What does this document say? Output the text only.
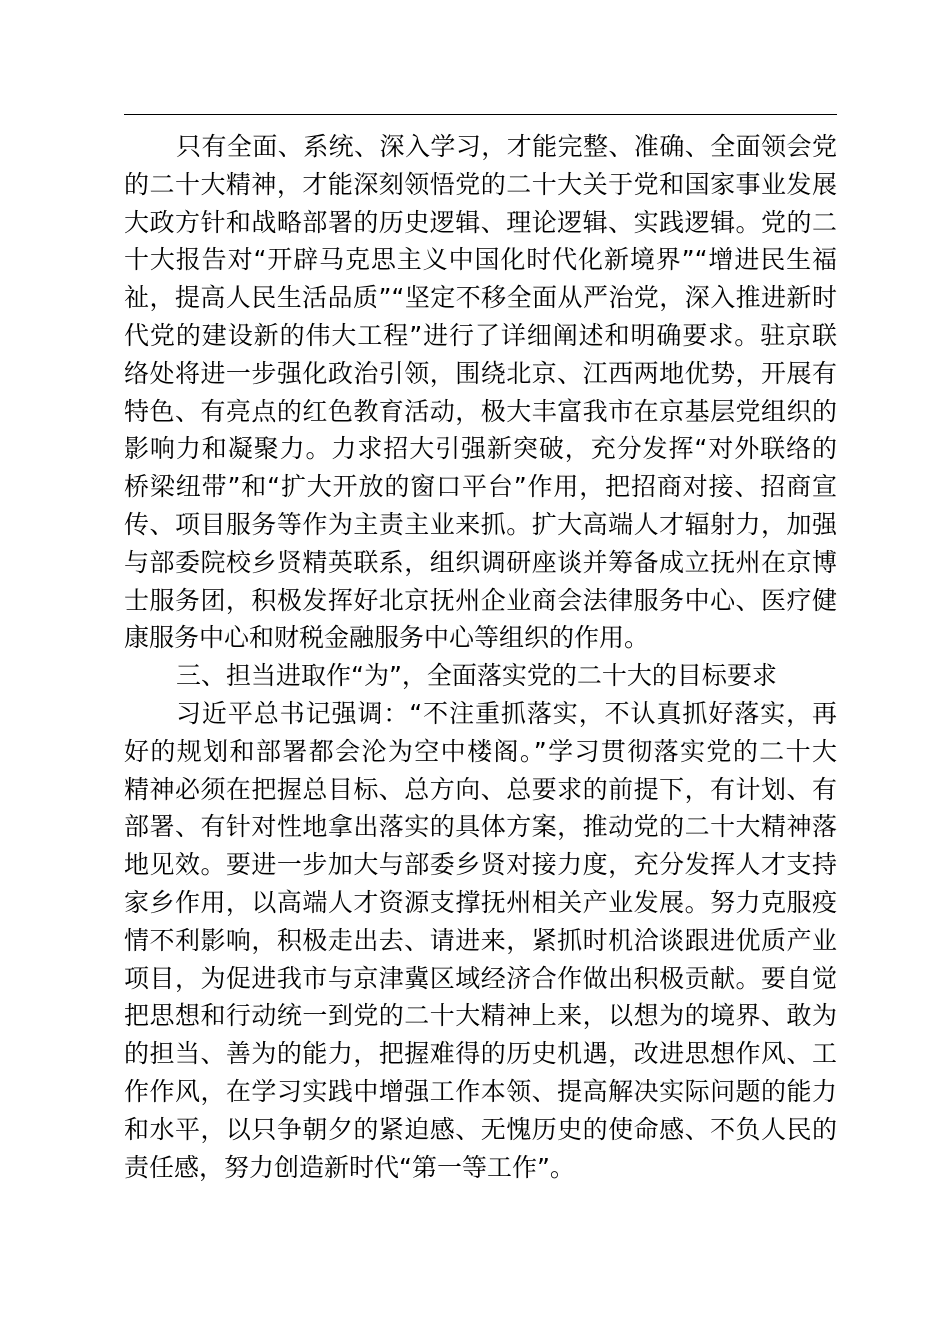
只有全面、系统、深入学习，才能完整、准确、全面领会党
的二十大精神，才能深刻领悟党的二十大关于党和国家事业发展
大政方针和战略部署的历史逻辑、理论逻辑、实践逻辑。党的二
十大报告对“开辟马克思主义中国化时代化新境界”“增进民生福
祉，提高人民生活品质”“坚定不移全面从严治党，深入推进新时
代党的建设新的伟大工程”进行了详细阐述和明确要求。驻京联
络处将进一步强化政治引领，围绕北京、江西两地优势，开展有
特色、有亮点的红色教育活动，极大丰富我市在京基层党组织的
影响力和凝聚力。力求招大引强新突破，充分发挥“对外联络的
桥梁纽带”和“扩大开放的窗口平台”作用，把招商对接、招商宣
传、项目服务等作为主责主业来抓。扩大高端人才辐射力，加强
与部委院校乡贤精英联系，组织调研座谈并筹备成立抚州在京博
士服务团，积极发挥好北京抚州企业商会法律服务中心、医疗健
康服务中心和财税金融服务中心等组织的作用。
三、担当进取作“为”，全面落实党的二十大的目标要求
习近平总书记强调：“不注重抓落实，不认真抓好落实，再
好的规划和部署都会沦为空中楼阁。”学习贯彻落实党的二十大
精神必须在把握总目标、总方向、总要求的前提下，有计划、有
部署、有针对性地拿出落实的具体方案，推动党的二十大精神落
地见效。要进一步加大与部委乡贤对接力度，充分发挥人才支持
家乡作用，以高端人才资源支撑抚州相关产业发展。努力克服疫
情不利影响，积极走出去、请进来，紧抓时机洽谈跟进优质产业
项目，为促进我市与京津冀区域经济合作做出积极贡献。要自觉
把思想和行动统一到党的二十大精神上来，以想为的境界、敢为
的担当、善为的能力，把握难得的历史机遇，改进思想作风、工
作作风，在学习实践中增强工作本领、提高解决实际问题的能力
和水平，以只争朝夕的紧迫感、无愧历史的使命感、不负人民的
责任感，努力创造新时代“第一等工作”。
